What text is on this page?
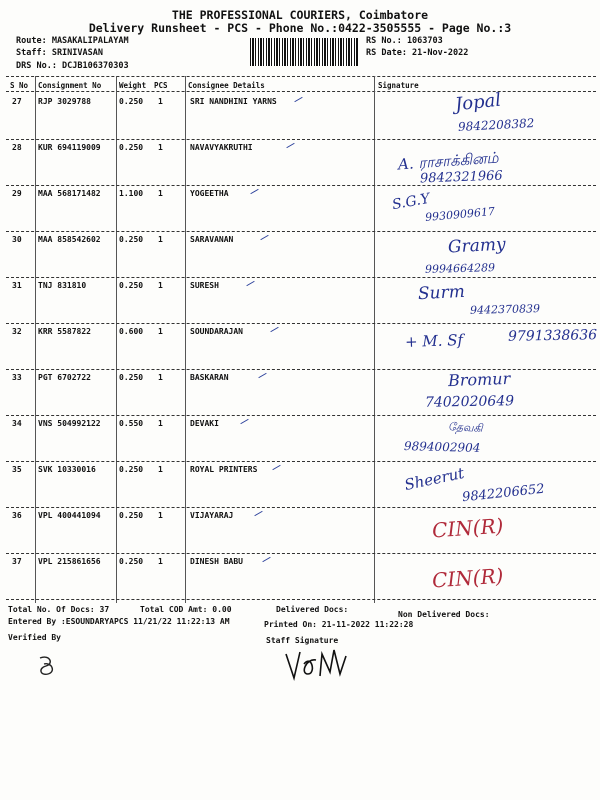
THE PROFESSIONAL COURIERS, Coimbatore
Delivery Runsheet - PCS - Phone No.:0422-3505555 - Page No.:3
Route: MASAKALIPALAYAM
Staff: SRINIVASAN
DRS No.: DCJB106370303
RS No.: 1063703
RS Date: 21-Nov-2022
S No Consignment No Weight PCS	Consignee Details	Signature
27 RJP 3029788	0.250 1	SRI NANDHINI YARNS	Jopal
9842208382
28 KUR 694119009 0.250 1	NAVAVYAKRUTHI
A. ராசாக்கினம்
9842321966
29 MAA 568171482 1.100 1	YOGEETHA	S.G.Y
9930909617
30 MAA 858542602 0.250 1	SARAVANAN	Gramy
9994664289
31 TNJ 831810	0.250 1	SURESH	Surm
9442370839
32 KRR 5587822	0.600 1	SOUNDARAJAN	+ M. Sf	9791338636
33 PGT 6702722	0.250 1	BASKARAN	Bromur
7402020649
34 VNS 504992122 0.550 1	DEVAKI	தேவகி
9894002904
35 SVK 10330016	0.250 1	ROYAL PRINTERS	Sheerut
9842206652
36 VPL 400441094 0.250 1	VIJAYARAJ	CIN(R)
37 VPL 215861656 0.250 1	DINESH BABU
CIN(R)
Total No. Of Docs: 37	Total COD Amt: 0.00	Delivered Docs:
Non Delivered Docs:
Entered By :ESOUNDARYAPCS 11/21/22 11:22:13 AM	Printed On: 21-11-2022 11:22:28
Verified By	Staff Signature
